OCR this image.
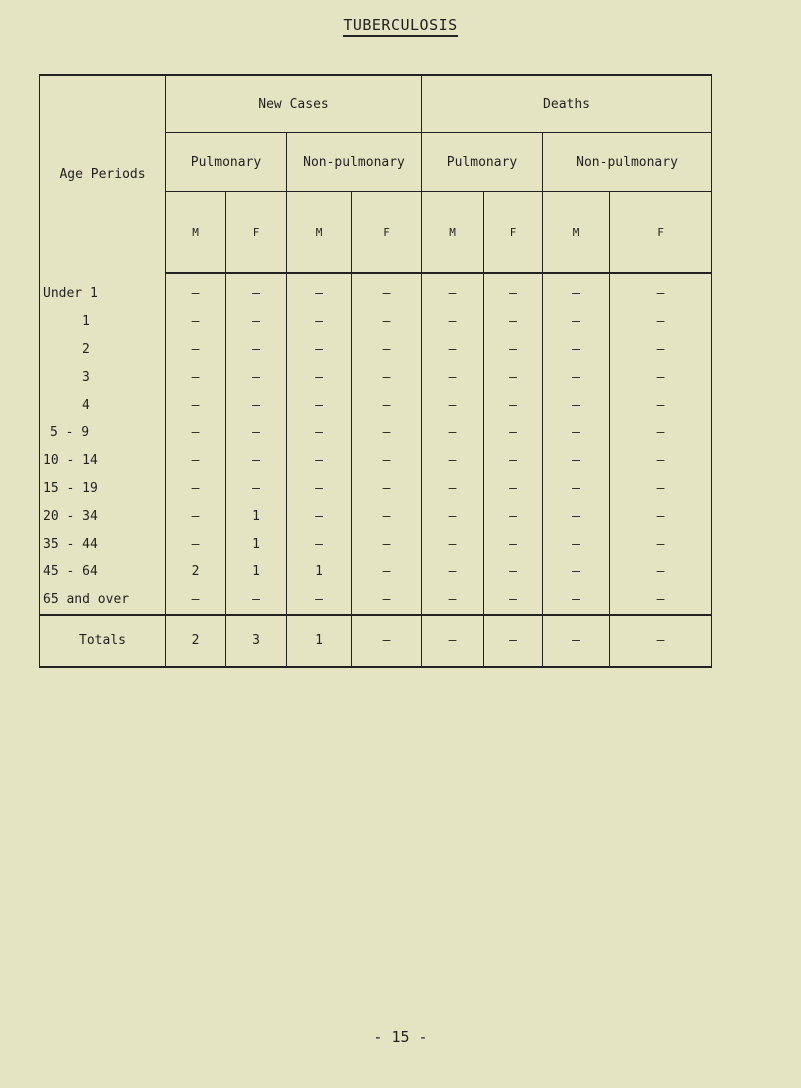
TUBERCULOSIS
Age Periods	New Cases				Deaths			
	Pulmonary		Non-pulmonary		Pulmonary		Non-pulmonary	
	M	F	M	F	M	F	M	F
Under 1	–	–	–	–	–	–	–	–
1	–	–	–	–	–	–	–	–
2	–	–	–	–	–	–	–	–
3	–	–	–	–	–	–	–	–
4	–	–	–	–	–	–	–	–
5 - 9	–	–	–	–	–	–	–	–
10 - 14	–	–	–	–	–	–	–	–
15 - 19	–	–	–	–	–	–	–	–
20 - 34	–	1	–	–	–	–	–	–
35 - 44	–	1	–	–	–	–	–	–
45 - 64	2	1	1	–	–	–	–	–
65 and over	–	–	–	–	–	–	–	–
Totals	2	3	1	–	–	–	–	–
- 15 -
